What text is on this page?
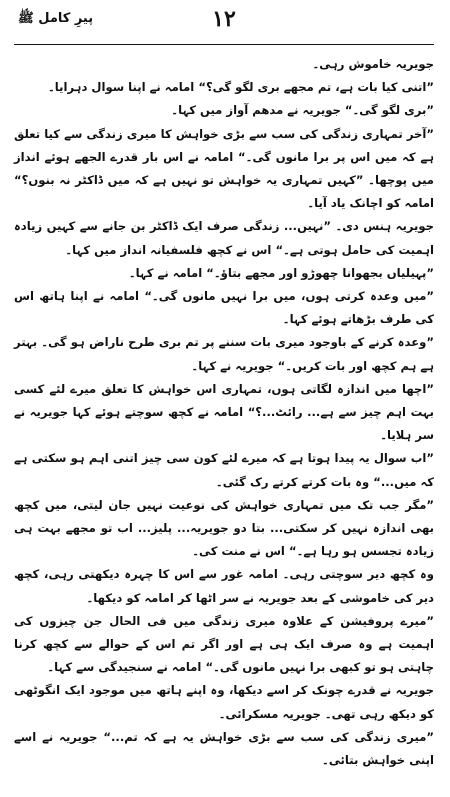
پیرِ کامل ﷺ	۱۲

جویریہ خاموش رہی۔

”اتنی کیا بات ہے، تم مجھے بری لگو گی؟“ امامہ نے اپنا سوال دہرایا۔

”بری لگو گی۔“ جویریہ نے مدھم آواز میں کہا۔

”آخر تمہاری زندگی کی سب سے بڑی خواہش کا میری زندگی سے کیا تعلق ہے کہ میں اس پر برا مانوں گی۔“ امامہ نے اس بار قدرے الجھے ہوئے انداز میں پوچھا۔ ”کہیں تمہاری یہ خواہش تو نہیں ہے کہ میں ڈاکٹر نہ بنوں؟“ امامہ کو اچانک یاد آیا۔

جویریہ ہنس دی۔ ”نہیں... زندگی صرف ایک ڈاکٹر بن جانے سے کہیں زیادہ اہمیت کی حامل ہوتی ہے۔“ اس نے کچھ فلسفیانہ انداز میں کہا۔

”پہیلیاں بجھوانا چھوڑو اور مجھے بتاؤ۔“ امامہ نے کہا۔

”میں وعدہ کرتی ہوں، میں برا نہیں مانوں گی۔“ امامہ نے اپنا ہاتھ اس کی طرف بڑھاتے ہوئے کہا۔

”وعدہ کرنے کے باوجود میری بات سننے پر تم بری طرح ناراض ہو گی۔ بہتر ہے ہم کچھ اور بات کریں۔“ جویریہ نے کہا۔

”اچھا میں اندازہ لگاتی ہوں، تمہاری اس خواہش کا تعلق میرے لئے کسی بہت اہم چیز سے ہے... رائٹ...؟“ امامہ نے کچھ سوچتے ہوئے کہا جویریہ نے سر ہلایا۔

”اب سوال یہ پیدا ہوتا ہے کہ میرے لئے کون سی چیز اتنی اہم ہو سکتی ہے کہ میں...“ وہ بات کرتے کرتے رک گئی۔

”مگر جب تک میں تمہاری خواہش کی نوعیت نہیں جان لیتی، میں کچھ بھی اندازہ نہیں کر سکتی... بتا دو جویریہ... پلیز... اب تو مجھے بہت ہی زیادہ تجسس ہو رہا ہے۔“ اس نے منت کی۔

وہ کچھ دیر سوچتی رہی۔ امامہ غور سے اس کا چہرہ دیکھتی رہی، کچھ دیر کی خاموشی کے بعد جویریہ نے سر اٹھا کر امامہ کو دیکھا۔

”میرے پروفیشن کے علاوہ میری زندگی میں فی الحال جن چیزوں کی اہمیت ہے وہ صرف ایک ہی ہے اور اگر تم اس کے حوالے سے کچھ کرنا چاہتی ہو تو کبھی برا نہیں مانوں گی۔“ امامہ نے سنجیدگی سے کہا۔

جویریہ نے قدرے چونک کر اسے دیکھا، وہ اپنے ہاتھ میں موجود ایک انگوٹھی کو دیکھ رہی تھی۔ جویریہ مسکرائی۔

”میری زندگی کی سب سے بڑی خواہش یہ ہے کہ تم...“ جویریہ نے اسے اپنی خواہش بتائی۔
